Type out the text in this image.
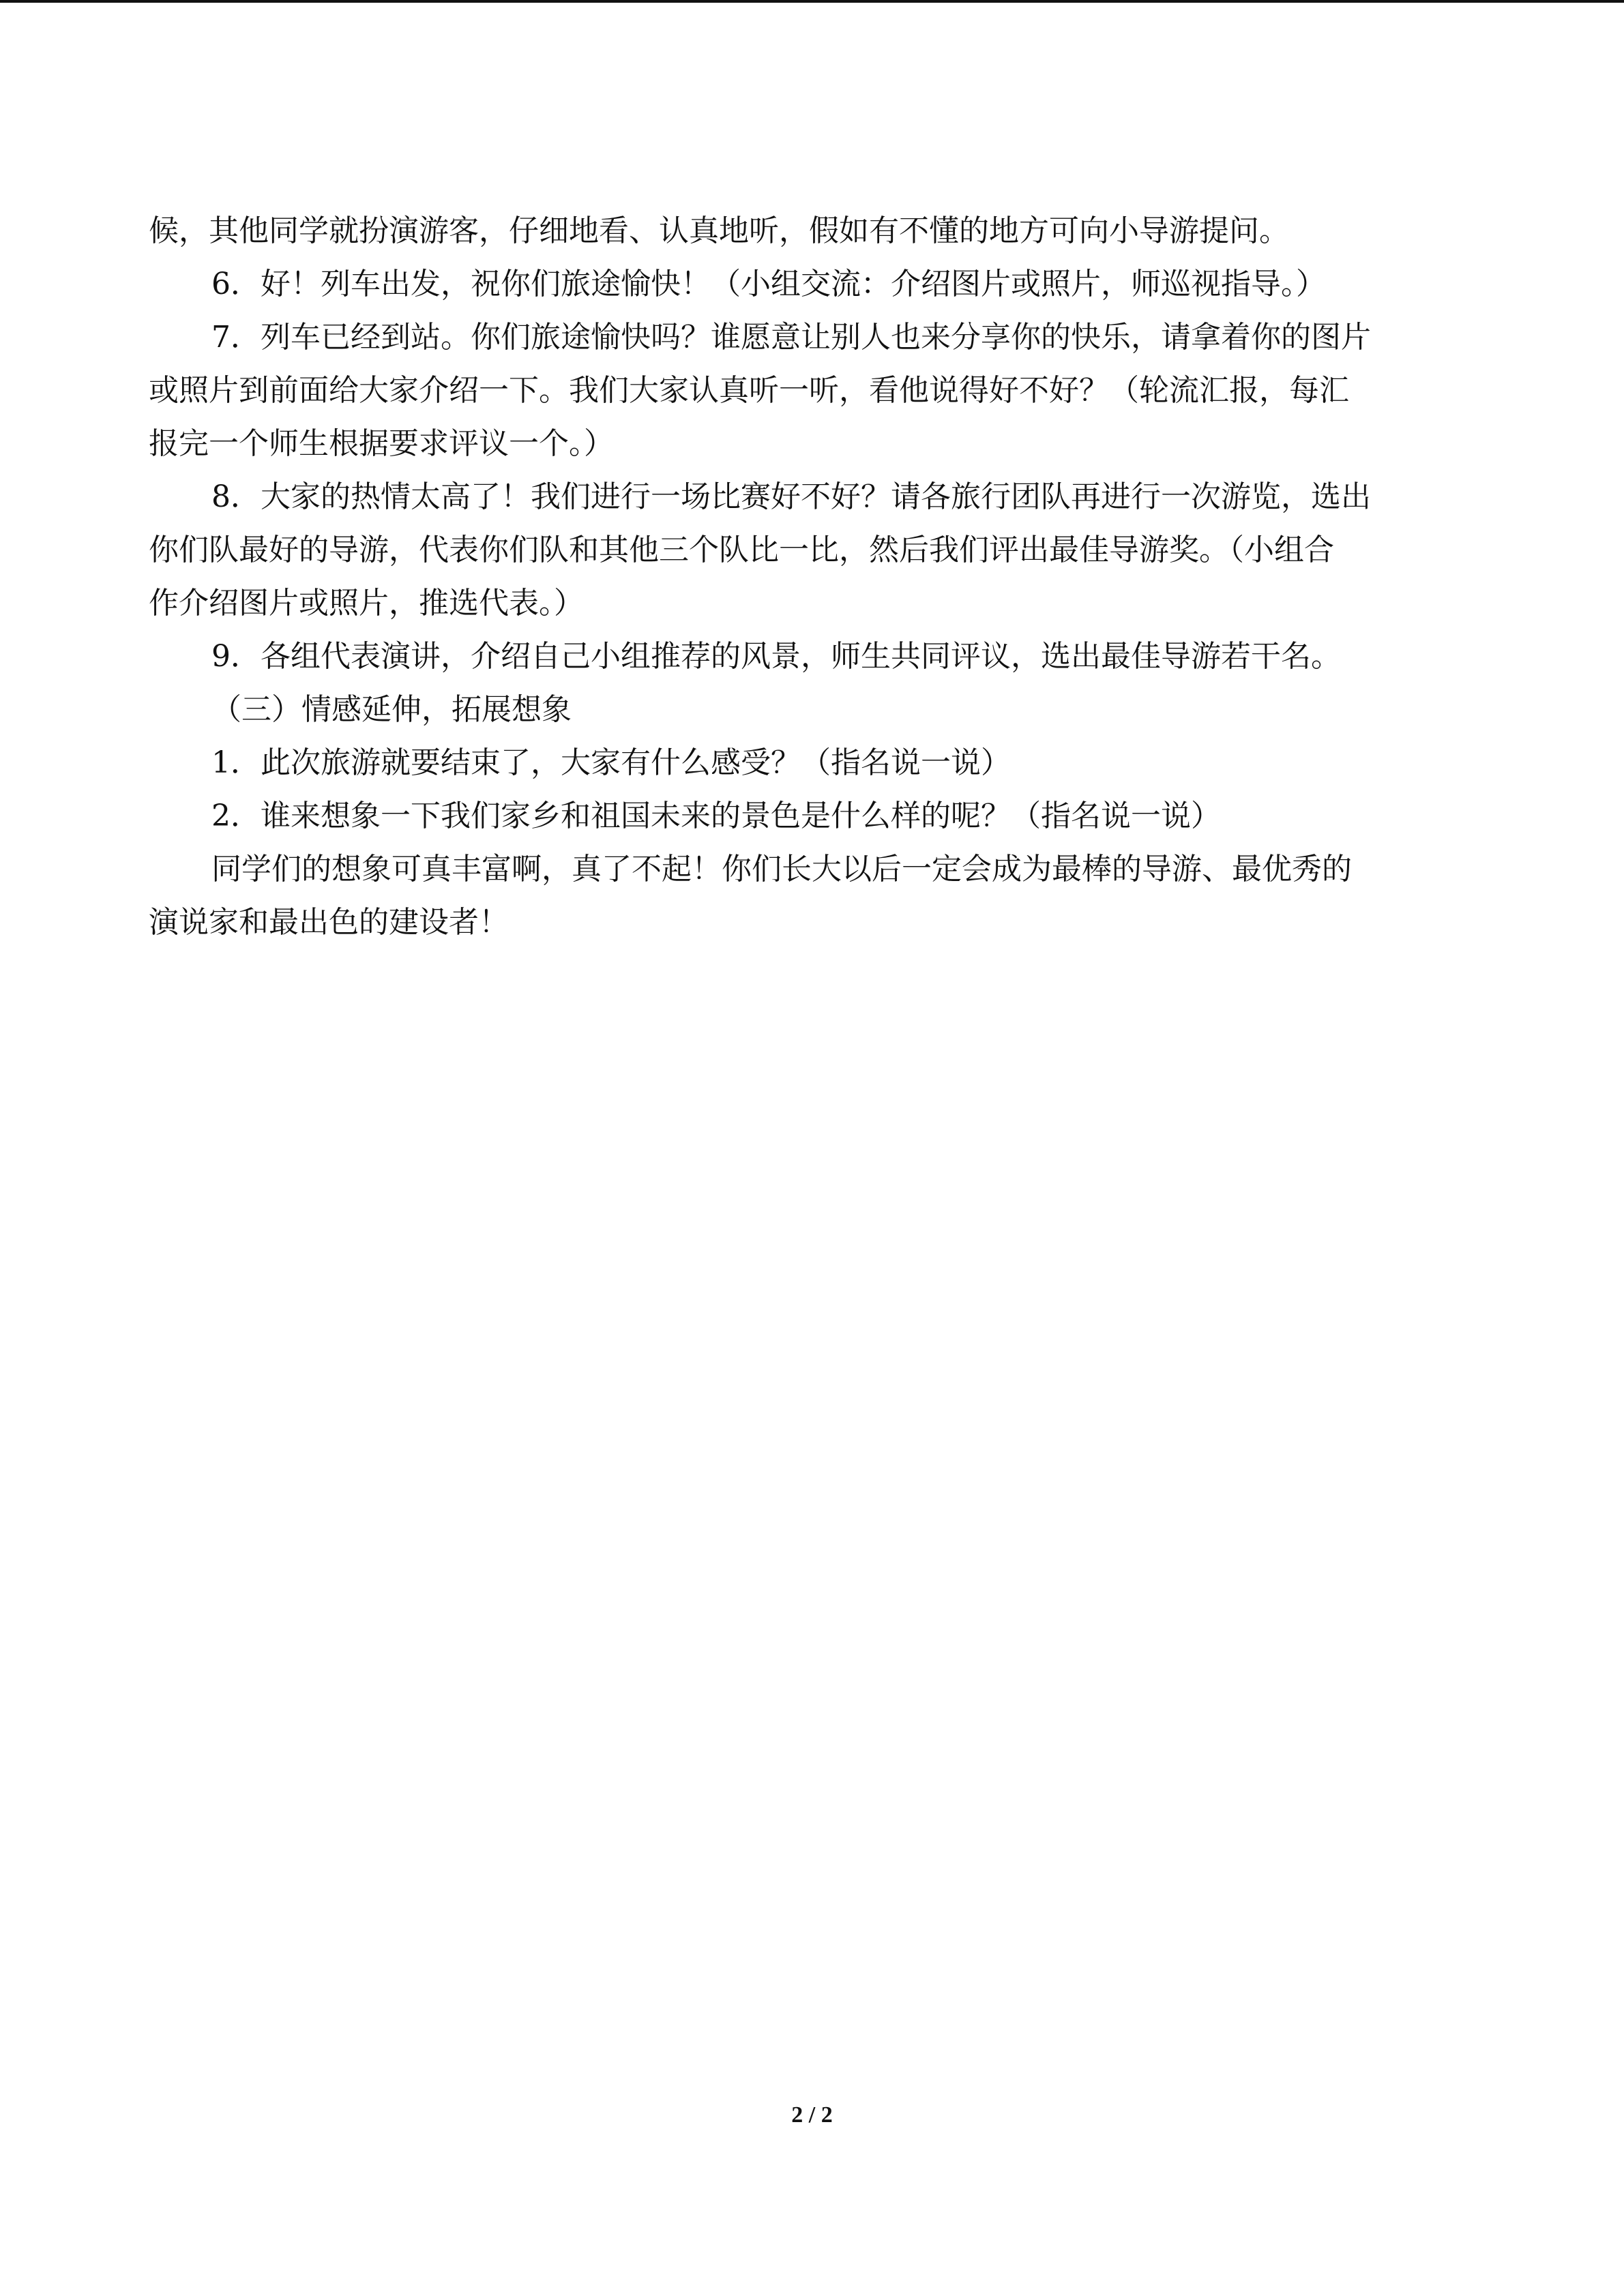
候，其他同学就扮演游客，仔细地看、认真地听，假如有不懂的地方可向小导游提问。
6．好！列车出发，祝你们旅途愉快！（小组交流：介绍图片或照片，师巡视指导。）
7．列车已经到站。你们旅途愉快吗？谁愿意让别人也来分享你的快乐，请拿着你的图片
或照片到前面给大家介绍一下。我们大家认真听一听，看他说得好不好？（轮流汇报，每汇
报完一个师生根据要求评议一个。）
8．大家的热情太高了！我们进行一场比赛好不好？请各旅行团队再进行一次游览，选出
你们队最好的导游，代表你们队和其他三个队比一比，然后我们评出最佳导游奖。（小组合
作介绍图片或照片，推选代表。）
9．各组代表演讲，介绍自己小组推荐的风景，师生共同评议，选出最佳导游若干名。
（三）情感延伸，拓展想象
1．此次旅游就要结束了，大家有什么感受？（指名说一说）
2．谁来想象一下我们家乡和祖国未来的景色是什么样的呢？（指名说一说）
同学们的想象可真丰富啊，真了不起！你们长大以后一定会成为最棒的导游、最优秀的
演说家和最出色的建设者！
2 / 2
